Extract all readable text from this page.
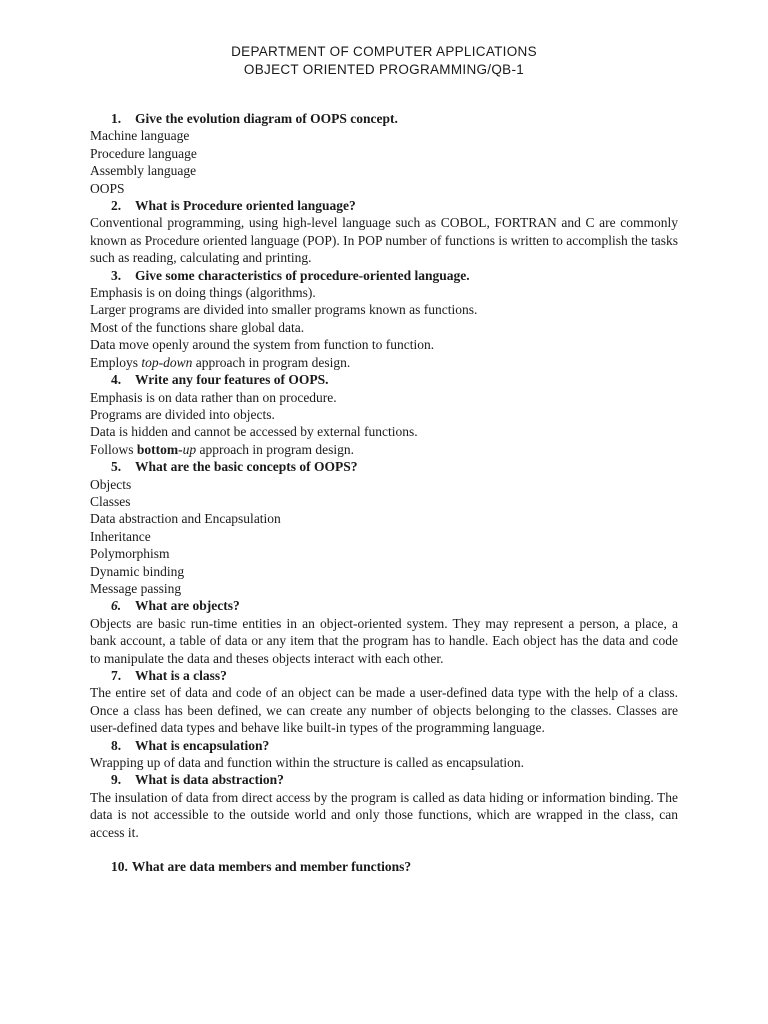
DEPARTMENT OF COMPUTER APPLICATIONS
OBJECT ORIENTED PROGRAMMING/QB-1

1. Give the evolution diagram of OOPS concept.

Machine language

Procedure language

Assembly language

OOPS

2. What is Procedure oriented language?

Conventional programming, using high-level language such as COBOL, FORTRAN and C are commonly known as Procedure oriented language (POP). In POP number of functions is written to accomplish the tasks such as reading, calculating and printing.

3. Give some characteristics of procedure-oriented language.

Emphasis is on doing things (algorithms).

Larger programs are divided into smaller programs known as functions.

Most of the functions share global data.

Data move openly around the system from function to function.

Employs top-down approach in program design.

4. Write any four features of OOPS.

Emphasis is on data rather than on procedure.

Programs are divided into objects.

Data is hidden and cannot be accessed by external functions.

Follows bottom-up approach in program design.

5. What are the basic concepts of OOPS?

Objects

Classes

Data abstraction and Encapsulation

Inheritance

Polymorphism

Dynamic binding

Message passing

6. What are objects?

Objects are basic run-time entities in an object-oriented system. They may represent a person, a place, a bank account, a table of data or any item that the program has to handle. Each object has the data and code to manipulate the data and theses objects interact with each other.

7. What is a class?

The entire set of data and code of an object can be made a user-defined data type with the help of a class. Once a class has been defined, we can create any number of objects belonging to the classes. Classes are user-defined data types and behave like built-in types of the programming language.

8. What is encapsulation?

Wrapping up of data and function within the structure is called as encapsulation.

9. What is data abstraction?

The insulation of data from direct access by the program is called as data hiding or information binding. The data is not accessible to the outside world and only those functions, which are wrapped in the class, can access it.

10. What are data members and member functions?
